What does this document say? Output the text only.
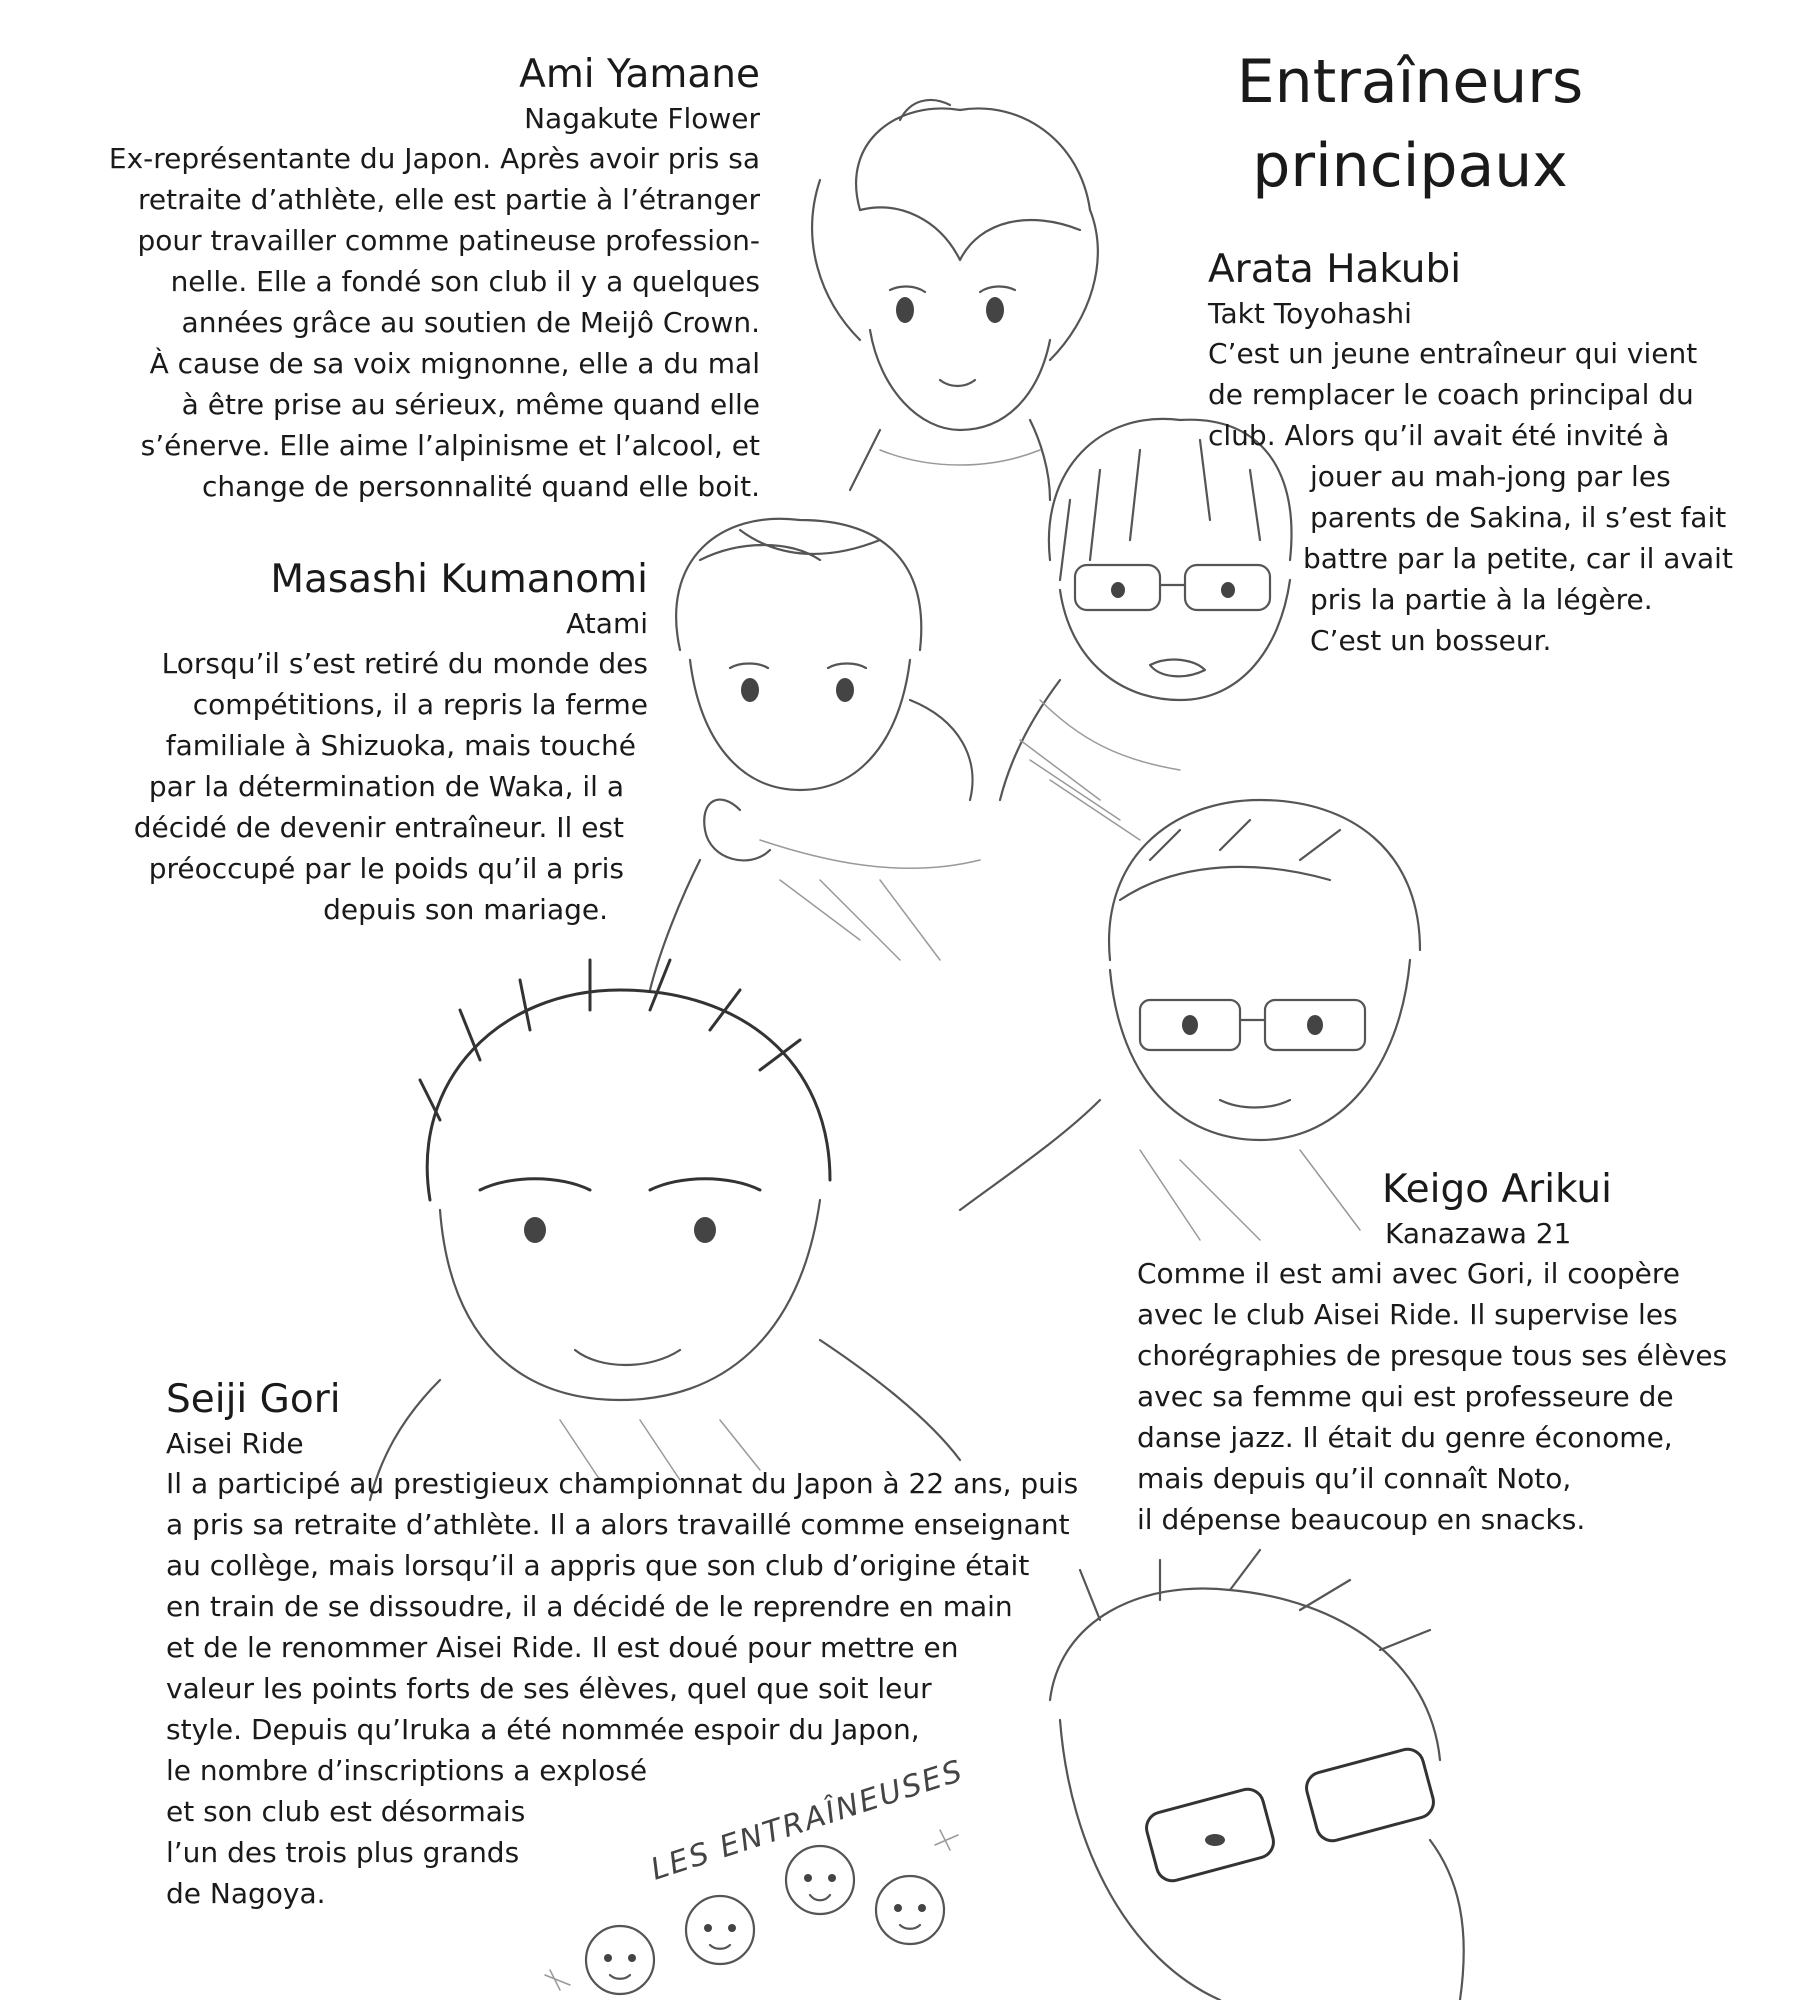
Entraîneurs
principaux
Ami Yamane
Nagakute Flower
Ex-représentante du Japon. Après avoir pris sa
retraite d’athlète, elle est partie à l’étranger
pour travailler comme patineuse profession-
nelle. Elle a fondé son club il y a quelques
années grâce au soutien de Meijô Crown.
À cause de sa voix mignonne, elle a du mal
à être prise au sérieux, même quand elle
s’énerve. Elle aime l’alpinisme et l’alcool, et
change de personnalité quand elle boit.
Arata Hakubi
Takt Toyohashi
C’est un jeune entraîneur qui vient
de remplacer le coach principal du
club. Alors qu’il avait été invité à
jouer au mah-jong par les
parents de Sakina, il s’est fait
battre par la petite, car il avait
pris la partie à la légère.
C’est un bosseur.
Masashi Kumanomi
Atami
Lorsqu’il s’est retiré du monde des
compétitions, il a repris la ferme
familiale à Shizuoka, mais touché
par la détermination de Waka, il a
décidé de devenir entraîneur. Il est
préoccupé par le poids qu’il a pris
depuis son mariage.
Keigo Arikui
Kanazawa 21
Comme il est ami avec Gori, il coopère
avec le club Aisei Ride. Il supervise les
chorégraphies de presque tous ses élèves
avec sa femme qui est professeure de
danse jazz. Il était du genre économe,
mais depuis qu’il connaît Noto,
il dépense beaucoup en snacks.
Seiji Gori
Aisei Ride
Il a participé au prestigieux championnat du Japon à 22 ans, puis
a pris sa retraite d’athlète. Il a alors travaillé comme enseignant
au collège, mais lorsqu’il a appris que son club d’origine était
en train de se dissoudre, il a décidé de le reprendre en main
et de le renommer Aisei Ride. Il est doué pour mettre en
valeur les points forts de ses élèves, quel que soit leur
style. Depuis qu’Iruka a été nommée espoir du Japon,
le nombre d’inscriptions a explosé
et son club est désormais
l’un des trois plus grands
de Nagoya.
LES ENTRAÎNEUSES
